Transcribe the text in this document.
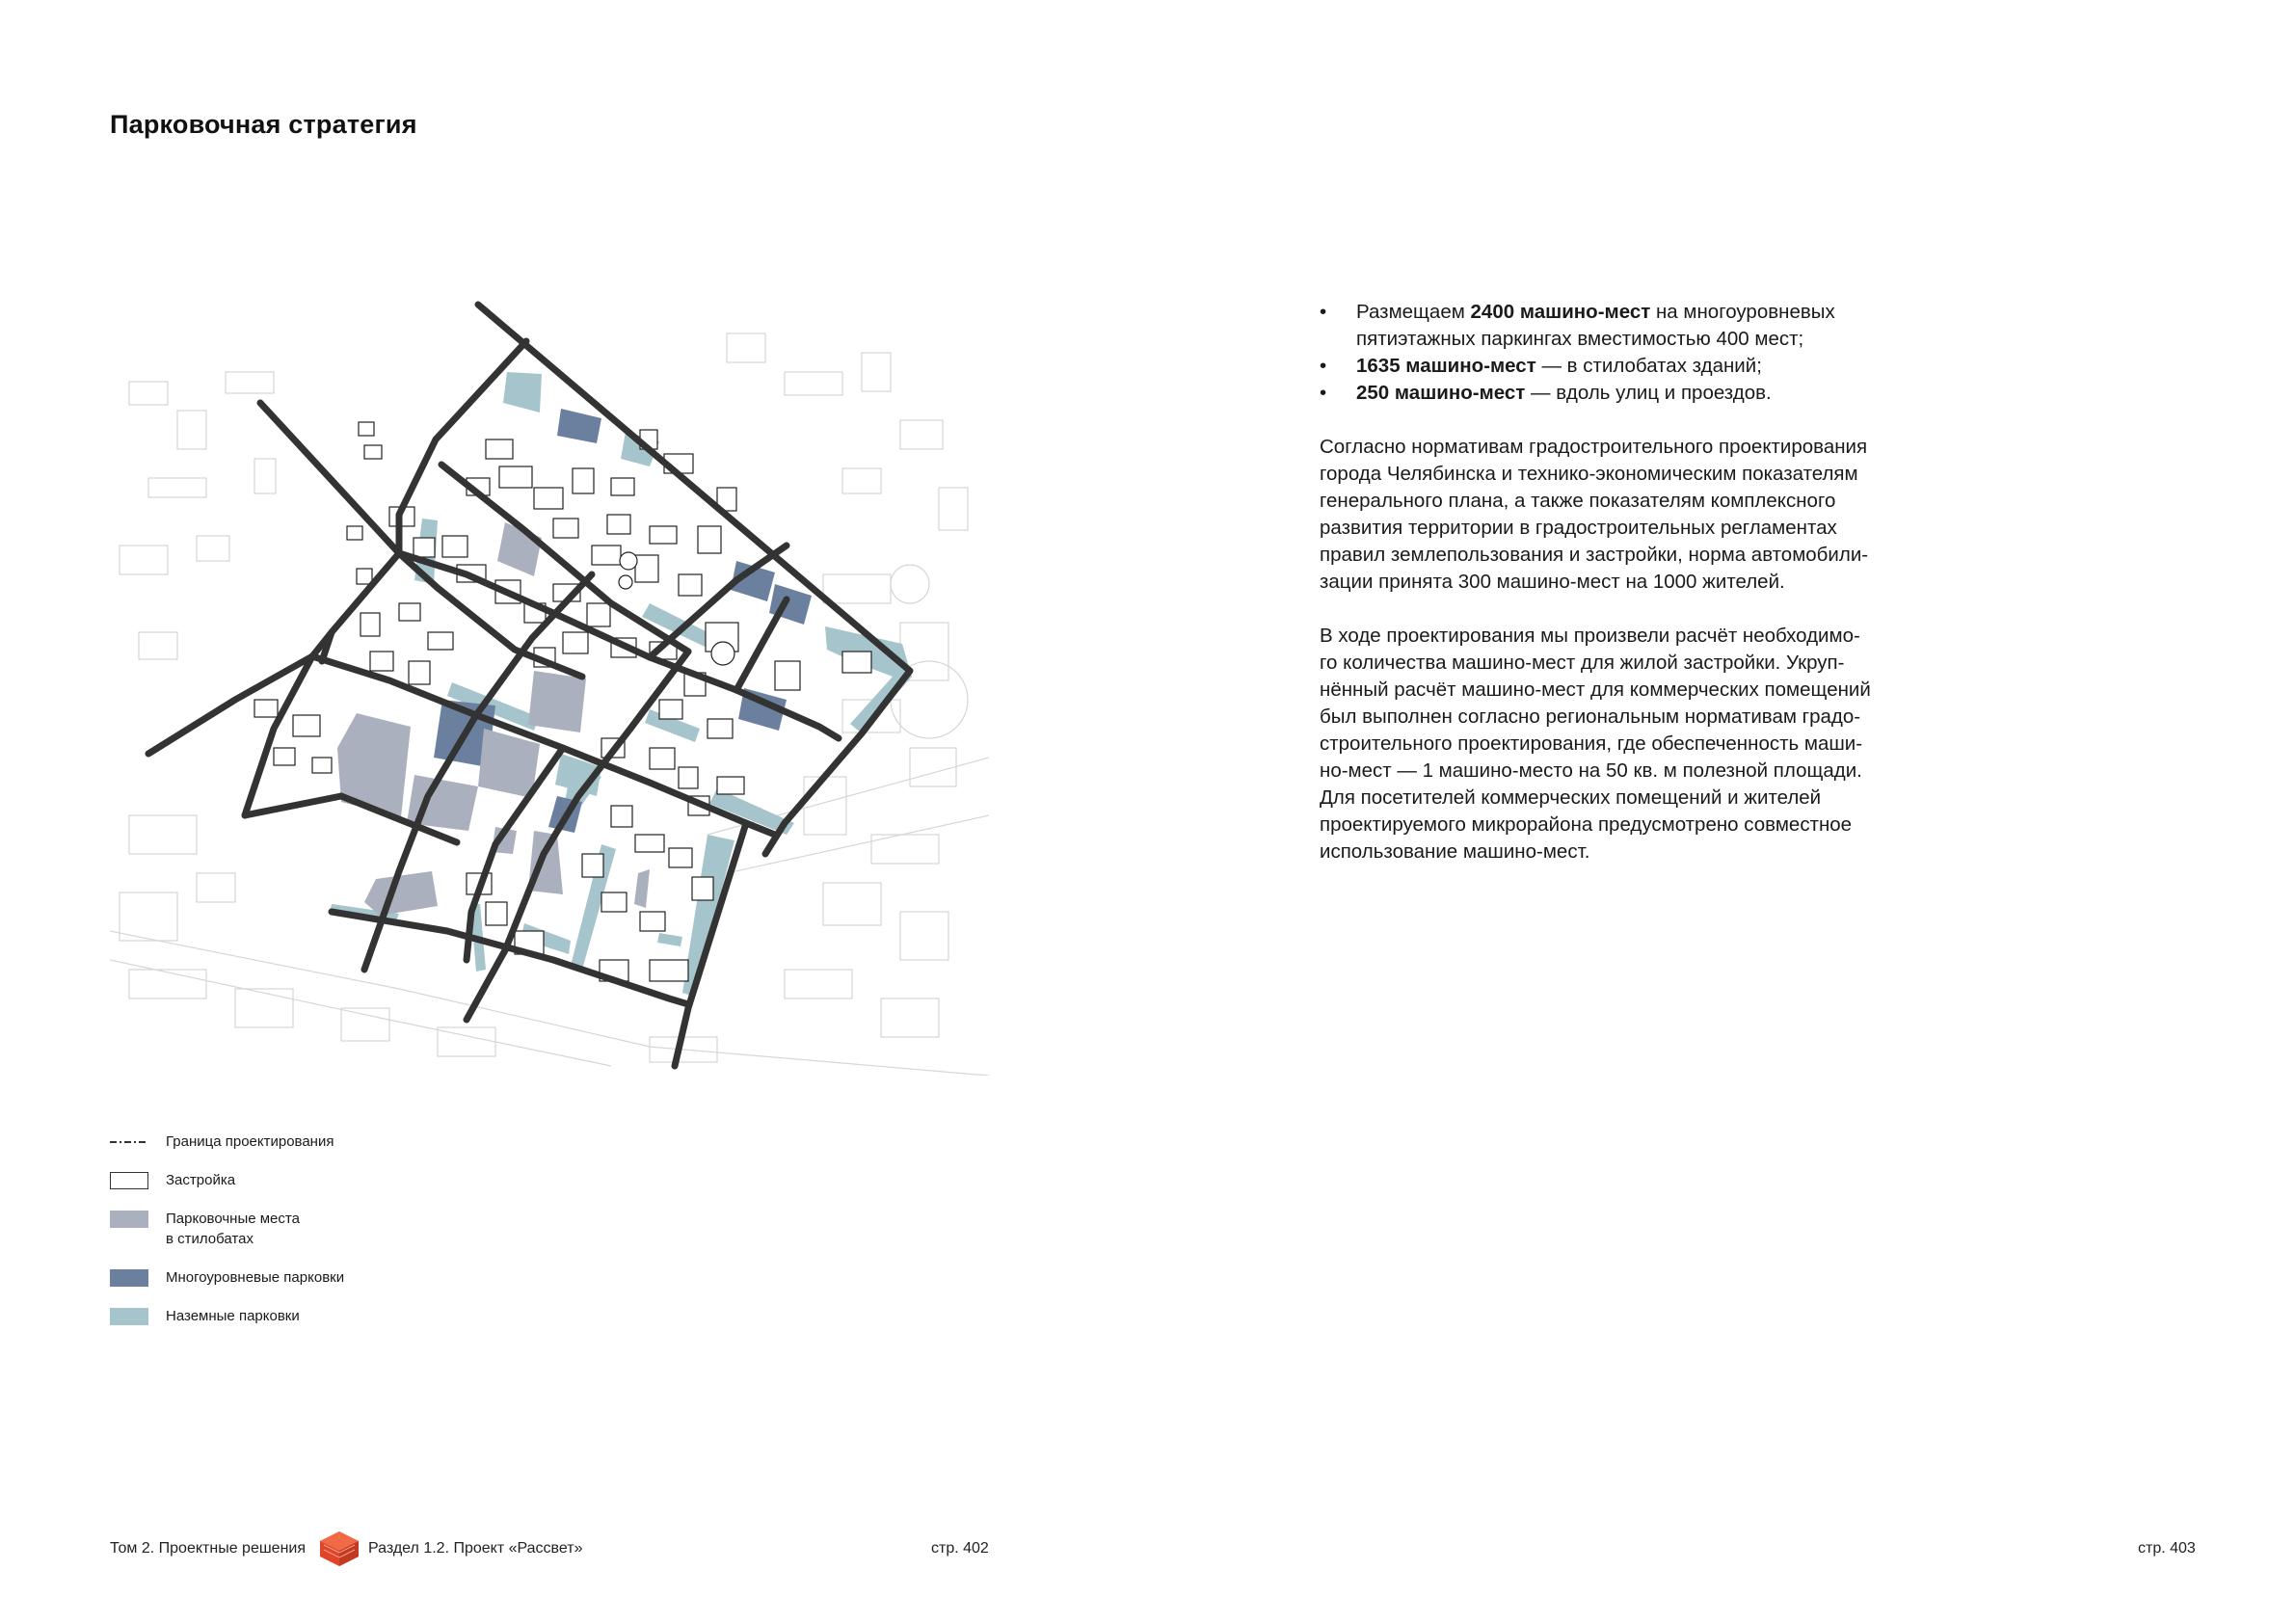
Парковочная стратегия
Граница проектирования
Застройка
Парковочные места
в стилобатах
Многоуровневые парковки
Наземные парковки
• Размещаем 2400 машино-мест на многоуровневых пятиэтажных паркингах вместимостью 400 мест;
• 1635 машино-мест — в стилобатах зданий;
• 250 машино-мест — вдоль улиц и проездов.

Согласно нормативам градостроительного проектирования
города Челябинска и технико-экономическим показателям
генерального плана, а также показателям комплексного
развития территории в градостроительных регламентах
правил землепользования и застройки, норма автомобили-
зации принята 300 машино-мест на 1000 жителей.

В ходе проектирования мы произвели расчёт необходимо-
го количества машино-мест для жилой застройки. Укруп-
нённый расчёт машино-мест для коммерческих помещений
был выполнен согласно региональным нормативам градо-
строительного проектирования, где обеспеченность маши-
но-мест — 1 машино-место на 50 кв. м полезной площади.
Для посетителей коммерческих помещений и жителей
проектируемого микрорайона предусмотрено совместное
использование машино-мест.

Том 2. Проектные решения	Раздел 1.2. Проект «Рассвет»	стр. 402	стр. 403
